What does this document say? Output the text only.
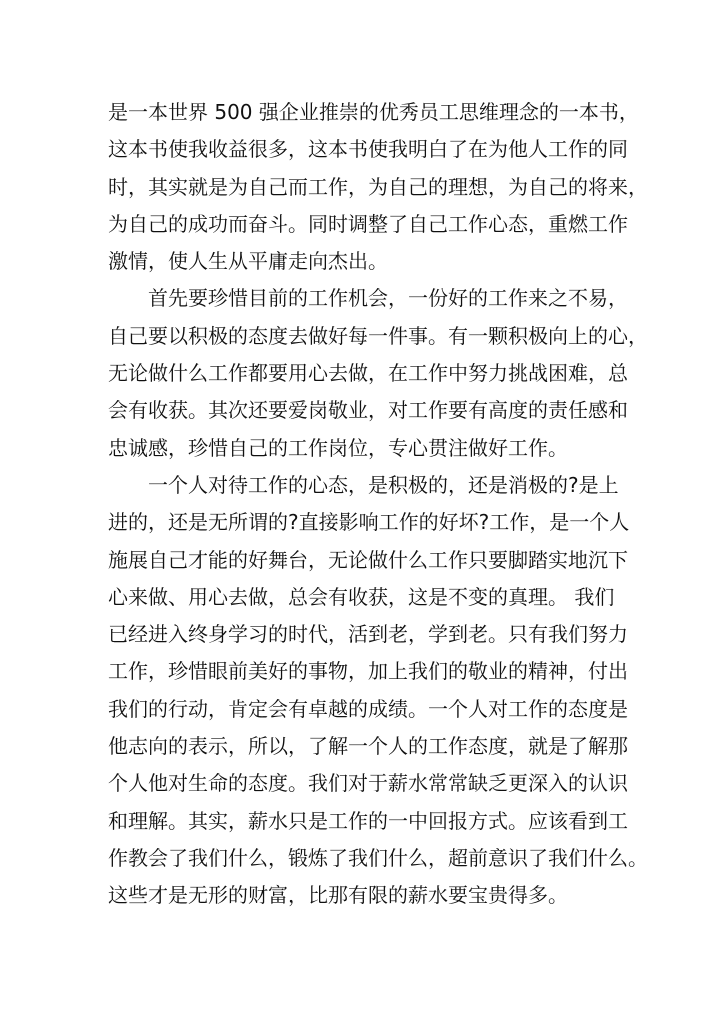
是一本世界 500 强企业推崇的优秀员工思维理念的一本书，
这本书使我收益很多，这本书使我明白了在为他人工作的同
时，其实就是为自己而工作，为自己的理想，为自己的将来，
为自己的成功而奋斗。同时调整了自己工作心态，重燃工作
激情，使人生从平庸走向杰出。
首先要珍惜目前的工作机会，一份好的工作来之不易，
自己要以积极的态度去做好每一件事。有一颗积极向上的心，
无论做什么工作都要用心去做，在工作中努力挑战困难，总
会有收获。其次还要爱岗敬业，对工作要有高度的责任感和
忠诚感，珍惜自己的工作岗位，专心贯注做好工作。
一个人对待工作的心态，是积极的，还是消极的?是上
进的，还是无所谓的?直接影响工作的好坏?工作，是一个人
施展自己才能的好舞台，无论做什么工作只要脚踏实地沉下
心来做、用心去做，总会有收获，这是不变的真理。 我们
已经进入终身学习的时代，活到老，学到老。只有我们努力
工作，珍惜眼前美好的事物，加上我们的敬业的精神，付出
我们的行动，肯定会有卓越的成绩。一个人对工作的态度是
他志向的表示，所以，了解一个人的工作态度，就是了解那
个人他对生命的态度。我们对于薪水常常缺乏更深入的认识
和理解。其实，薪水只是工作的一中回报方式。应该看到工
作教会了我们什么，锻炼了我们什么，超前意识了我们什么。
这些才是无形的财富，比那有限的薪水要宝贵得多。
